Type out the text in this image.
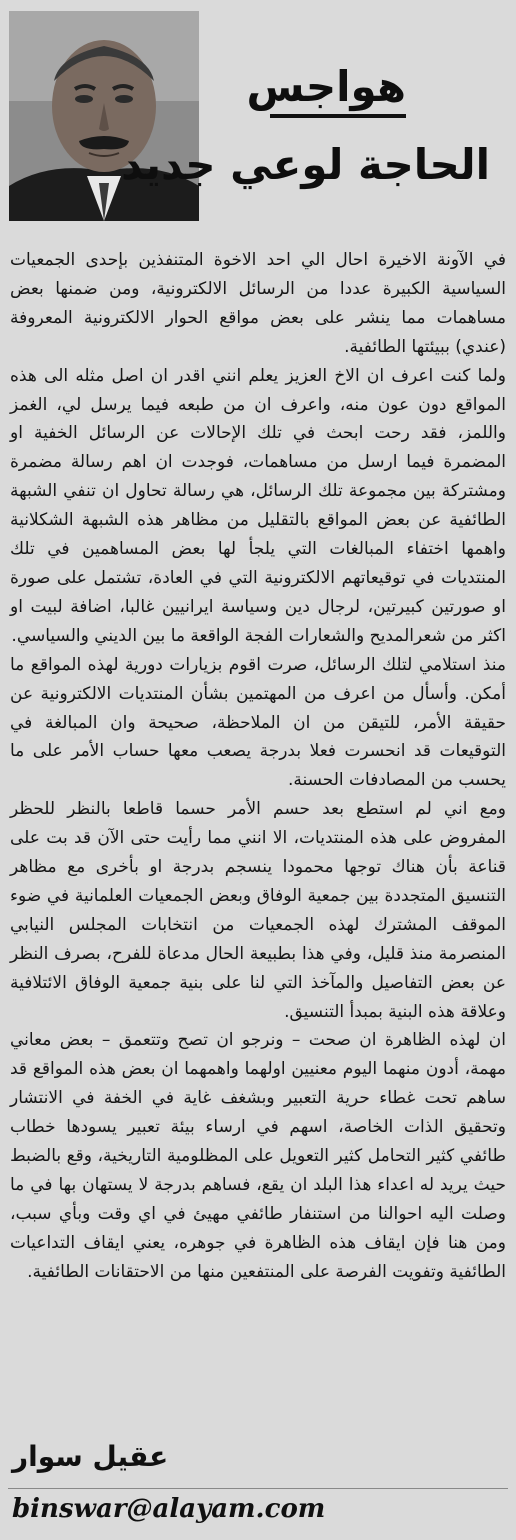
هواجس
الحاجة لوعي جديد

في الآونة الاخيرة احال الي احد الاخوة المتنفذين بإحدى الجمعيات السياسية الكبيرة عددا من الرسائل الالكترونية، ومن ضمنها بعض مساهمات مما ينشر على بعض مواقع الحوار الالكترونية المعروفة (عندي) ببيئتها الطائفية.

ولما كنت اعرف ان الاخ العزيز يعلم انني اقدر ان اصل مثله الى هذه المواقع دون عون منه، واعرف ان من طبعه فيما يرسل لي، الغمز واللمز، فقد رحت ابحث في تلك الإحالات عن الرسائل الخفية او المضمرة فيما ارسل من مساهمات، فوجدت ان اهم رسالة مضمرة ومشتركة بين مجموعة تلك الرسائل، هي رسالة تحاول ان تنفي الشبهة الطائفية عن بعض المواقع بالتقليل من مظاهر هذه الشبهة الشكلانية واهمها اختفاء المبالغات التي يلجأ لها بعض المساهمين في تلك المنتديات في توقيعاتهم الالكترونية التي في العادة، تشتمل على صورة او صورتين كبيرتين، لرجال دين وسياسة ايرانيين غالبا، اضافة لبيت او اكثر من شعرالمديح والشعارات الفجة الواقعة ما بين الديني والسياسي.

منذ استلامي لتلك الرسائل، صرت اقوم بزيارات دورية لهذه المواقع ما أمكن. وأسأل من اعرف من المهتمين بشأن المنتديات الالكترونية عن حقيقة الأمر، للتيقن من ان الملاحظة، صحيحة وان المبالغة في التوقيعات قد انحسرت فعلا بدرجة يصعب معها حساب الأمر على ما يحسب من المصادفات الحسنة.

ومع اني لم استطع بعد حسم الأمر حسما قاطعا بالنظر للحظر المفروض على هذه المنتديات، الا انني مما رأيت حتى الآن قد بت على قناعة بأن هناك توجها محمودا ينسجم بدرجة او بأخرى مع مظاهر التنسيق المتجددة بين جمعية الوفاق وبعض الجمعيات العلمانية في ضوء الموقف المشترك لهذه الجمعيات من انتخابات المجلس النيابي المنصرمة منذ قليل، وفي هذا بطبيعة الحال مدعاة للفرح، بصرف النظر عن بعض التفاصيل والمآخذ التي لنا على بنية جمعية الوفاق الائتلافية وعلاقة هذه البنية بمبدأ التنسيق.

ان لهذه الظاهرة ان صحت – ونرجو ان تصح وتتعمق – بعض معاني مهمة، أدون منهما اليوم معنيين اولهما واهمهما ان بعض هذه المواقع قد ساهم تحت غطاء حرية التعبير وبشغف غاية في الخفة في الانتشار وتحقيق الذات الخاصة، اسهم في ارساء بيئة تعبير يسودها خطاب طائفي كثير التحامل كثير التعويل على المظلومية التاريخية، وقع بالضبط حيث يريد له اعداء هذا البلد ان يقع، فساهم بدرجة لا يستهان بها في ما وصلت اليه احوالنا من استنفار طائفي مهيئ في اي وقت وبأي سبب، ومن هنا فإن ايقاف هذه الظاهرة في جوهره، يعني ايقاف التداعيات الطائفية وتفويت الفرصة على المنتفعين منها من الاحتقانات الطائفية.

عقيل سوار
binswar@alayam.com
